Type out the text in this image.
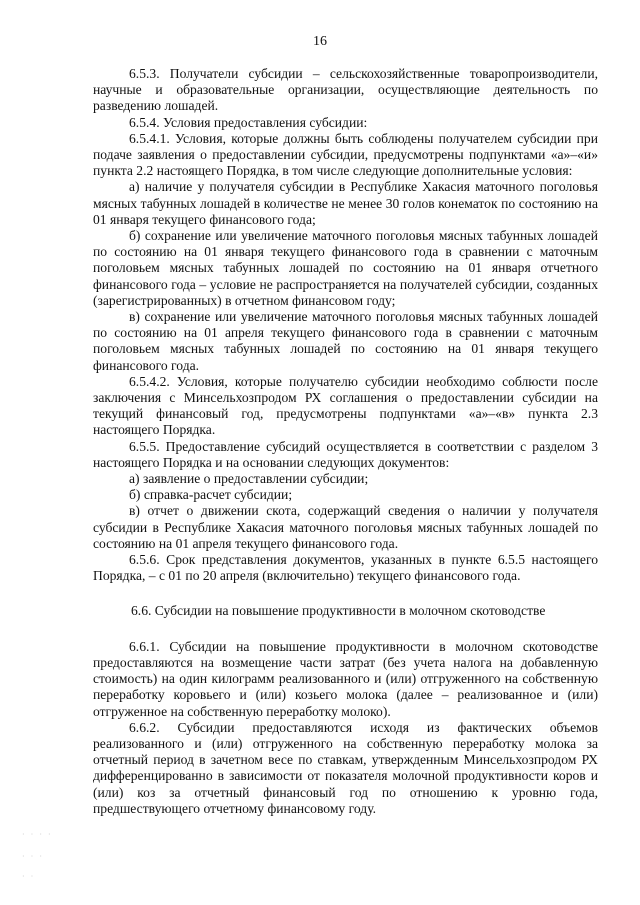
16

6.5.3. Получатели субсидии – сельскохозяйственные товаропроизводители, научные и образовательные организации, осуществляющие деятельность по разведению лошадей.

6.5.4. Условия предоставления субсидии:

6.5.4.1. Условия, которые должны быть соблюдены получателем субсидии при подаче заявления о предоставлении субсидии, предусмотрены подпунктами «а»–«и» пункта 2.2 настоящего Порядка, в том числе следующие дополнительные условия:

а) наличие у получателя субсидии в Республике Хакасия маточного поголовья мясных табунных лошадей в количестве не менее 30 голов конематок по состоянию на 01 января текущего финансового года;

б) сохранение или увеличение маточного поголовья мясных табунных лошадей по состоянию на 01 января текущего финансового года в сравнении с маточным поголовьем мясных табунных лошадей по состоянию на 01 января отчетного финансового года – условие не распространяется на получателей субсидии, созданных (зарегистрированных) в отчетном финансовом году;

в) сохранение или увеличение маточного поголовья мясных табунных лошадей по состоянию на 01 апреля текущего финансового года в сравнении с маточным поголовьем мясных табунных лошадей по состоянию на 01 января текущего финансового года.

6.5.4.2. Условия, которые получателю субсидии необходимо соблюсти после заключения с Минсельхозпродом РХ соглашения о предоставлении субсидии на текущий финансовый год, предусмотрены подпунктами «а»–«в» пункта 2.3 настоящего Порядка.

6.5.5. Предоставление субсидий осуществляется в соответствии с разделом 3 настоящего Порядка и на основании следующих документов:

а) заявление о предоставлении субсидии;

б) справка-расчет субсидии;

в) отчет о движении скота, содержащий сведения о наличии у получателя субсидии в Республике Хакасия маточного поголовья мясных табунных лошадей по состоянию на 01 апреля текущего финансового года.

6.5.6. Срок представления документов, указанных в пункте 6.5.5 настоящего Порядка, – с 01 по 20 апреля (включительно) текущего финансового года.

6.6. Субсидии на повышение продуктивности в молочном скотоводстве

6.6.1. Субсидии на повышение продуктивности в молочном скотоводстве предоставляются на возмещение части затрат (без учета налога на добавленную стоимость) на один килограмм реализованного и (или) отгруженного на собственную переработку коровьего и (или) козьего молока (далее – реализованное и (или) отгруженное на собственную переработку молоко).

6.6.2. Субсидии предоставляются исходя из фактических объемов реализованного и (или) отгруженного на собственную переработку молока за отчетный период в зачетном весе по ставкам, утвержденным Минсельхозпродом РХ дифференцированно в зависимости от показателя молочной продуктивности коров и (или) коз за отчетный финансовый год по отношению к уровню года, предшествующего отчетному финансовому году.

· · · ·
· · ·
· ·
